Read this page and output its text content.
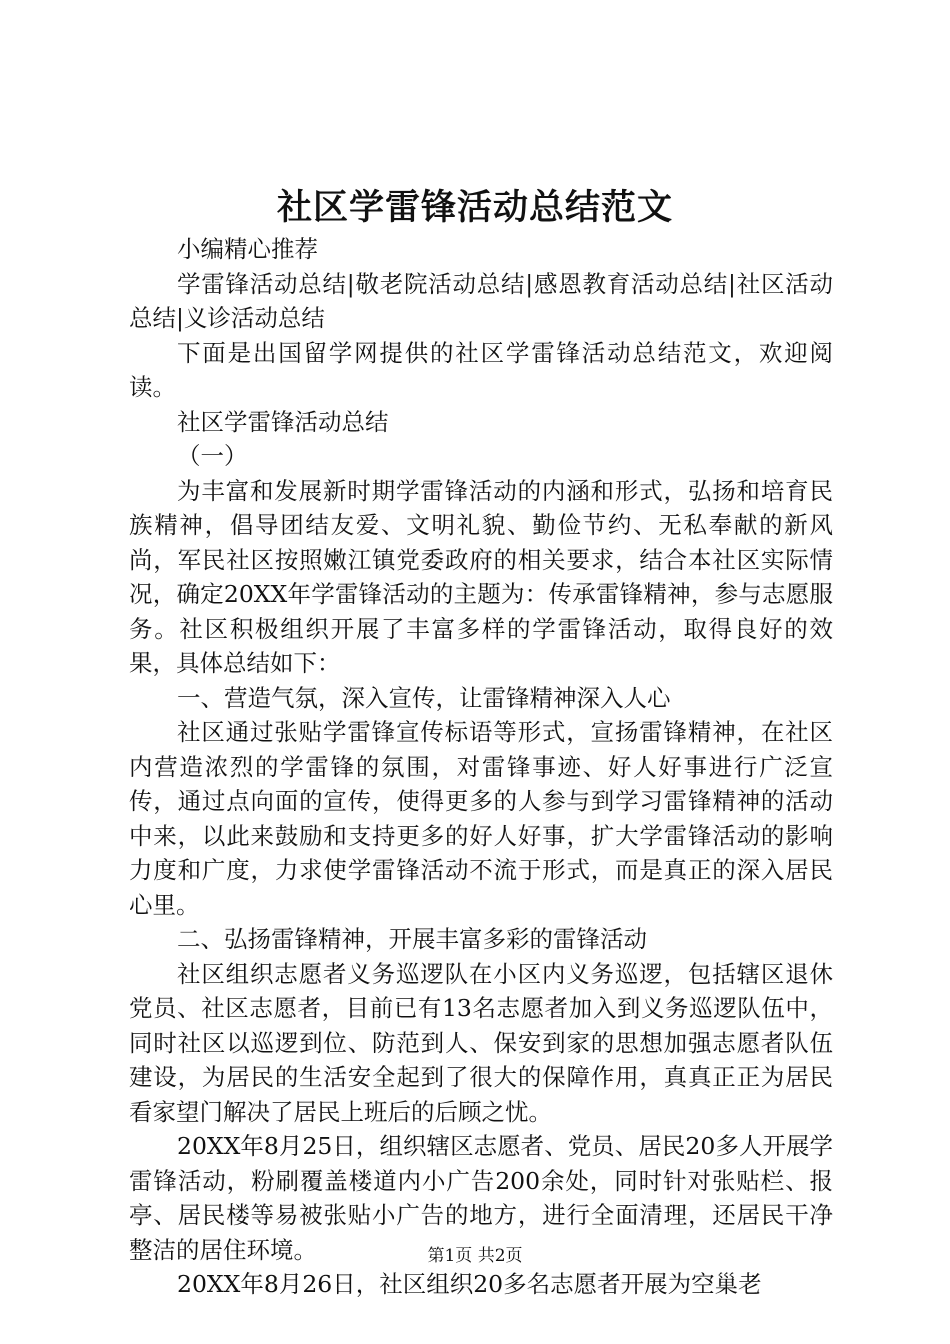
社区学雷锋活动总结范文

小编精心推荐

学雷锋活动总结|敬老院活动总结|感恩教育活动总结|社区活动总结|义诊活动总结

下面是出国留学网提供的社区学雷锋活动总结范文，欢迎阅读。

社区学雷锋活动总结

（一）

为丰富和发展新时期学雷锋活动的内涵和形式，弘扬和培育民族精神，倡导团结友爱、文明礼貌、勤俭节约、无私奉献的新风尚，军民社区按照嫩江镇党委政府的相关要求，结合本社区实际情况，确定20XX年学雷锋活动的主题为：传承雷锋精神，参与志愿服务。社区积极组织开展了丰富多样的学雷锋活动，取得良好的效果，具体总结如下：

一、营造气氛，深入宣传，让雷锋精神深入人心

社区通过张贴学雷锋宣传标语等形式，宣扬雷锋精神，在社区内营造浓烈的学雷锋的氛围，对雷锋事迹、好人好事进行广泛宣传，通过点向面的宣传，使得更多的人参与到学习雷锋精神的活动中来，以此来鼓励和支持更多的好人好事，扩大学雷锋活动的影响力度和广度，力求使学雷锋活动不流于形式，而是真正的深入居民心里。

二、弘扬雷锋精神，开展丰富多彩的雷锋活动

社区组织志愿者义务巡逻队在小区内义务巡逻，包括辖区退休党员、社区志愿者，目前已有13名志愿者加入到义务巡逻队伍中，同时社区以巡逻到位、防范到人、保安到家的思想加强志愿者队伍建设，为居民的生活安全起到了很大的保障作用，真真正正为居民看家望门解决了居民上班后的后顾之忧。

20XX年8月25日，组织辖区志愿者、党员、居民20多人开展学雷锋活动，粉刷覆盖楼道内小广告200余处，同时针对张贴栏、报亭、居民楼等易被张贴小广告的地方，进行全面清理，还居民干净整洁的居住环境。

20XX年8月26日，社区组织20多名志愿者开展为空巢老

第1页 共2页
